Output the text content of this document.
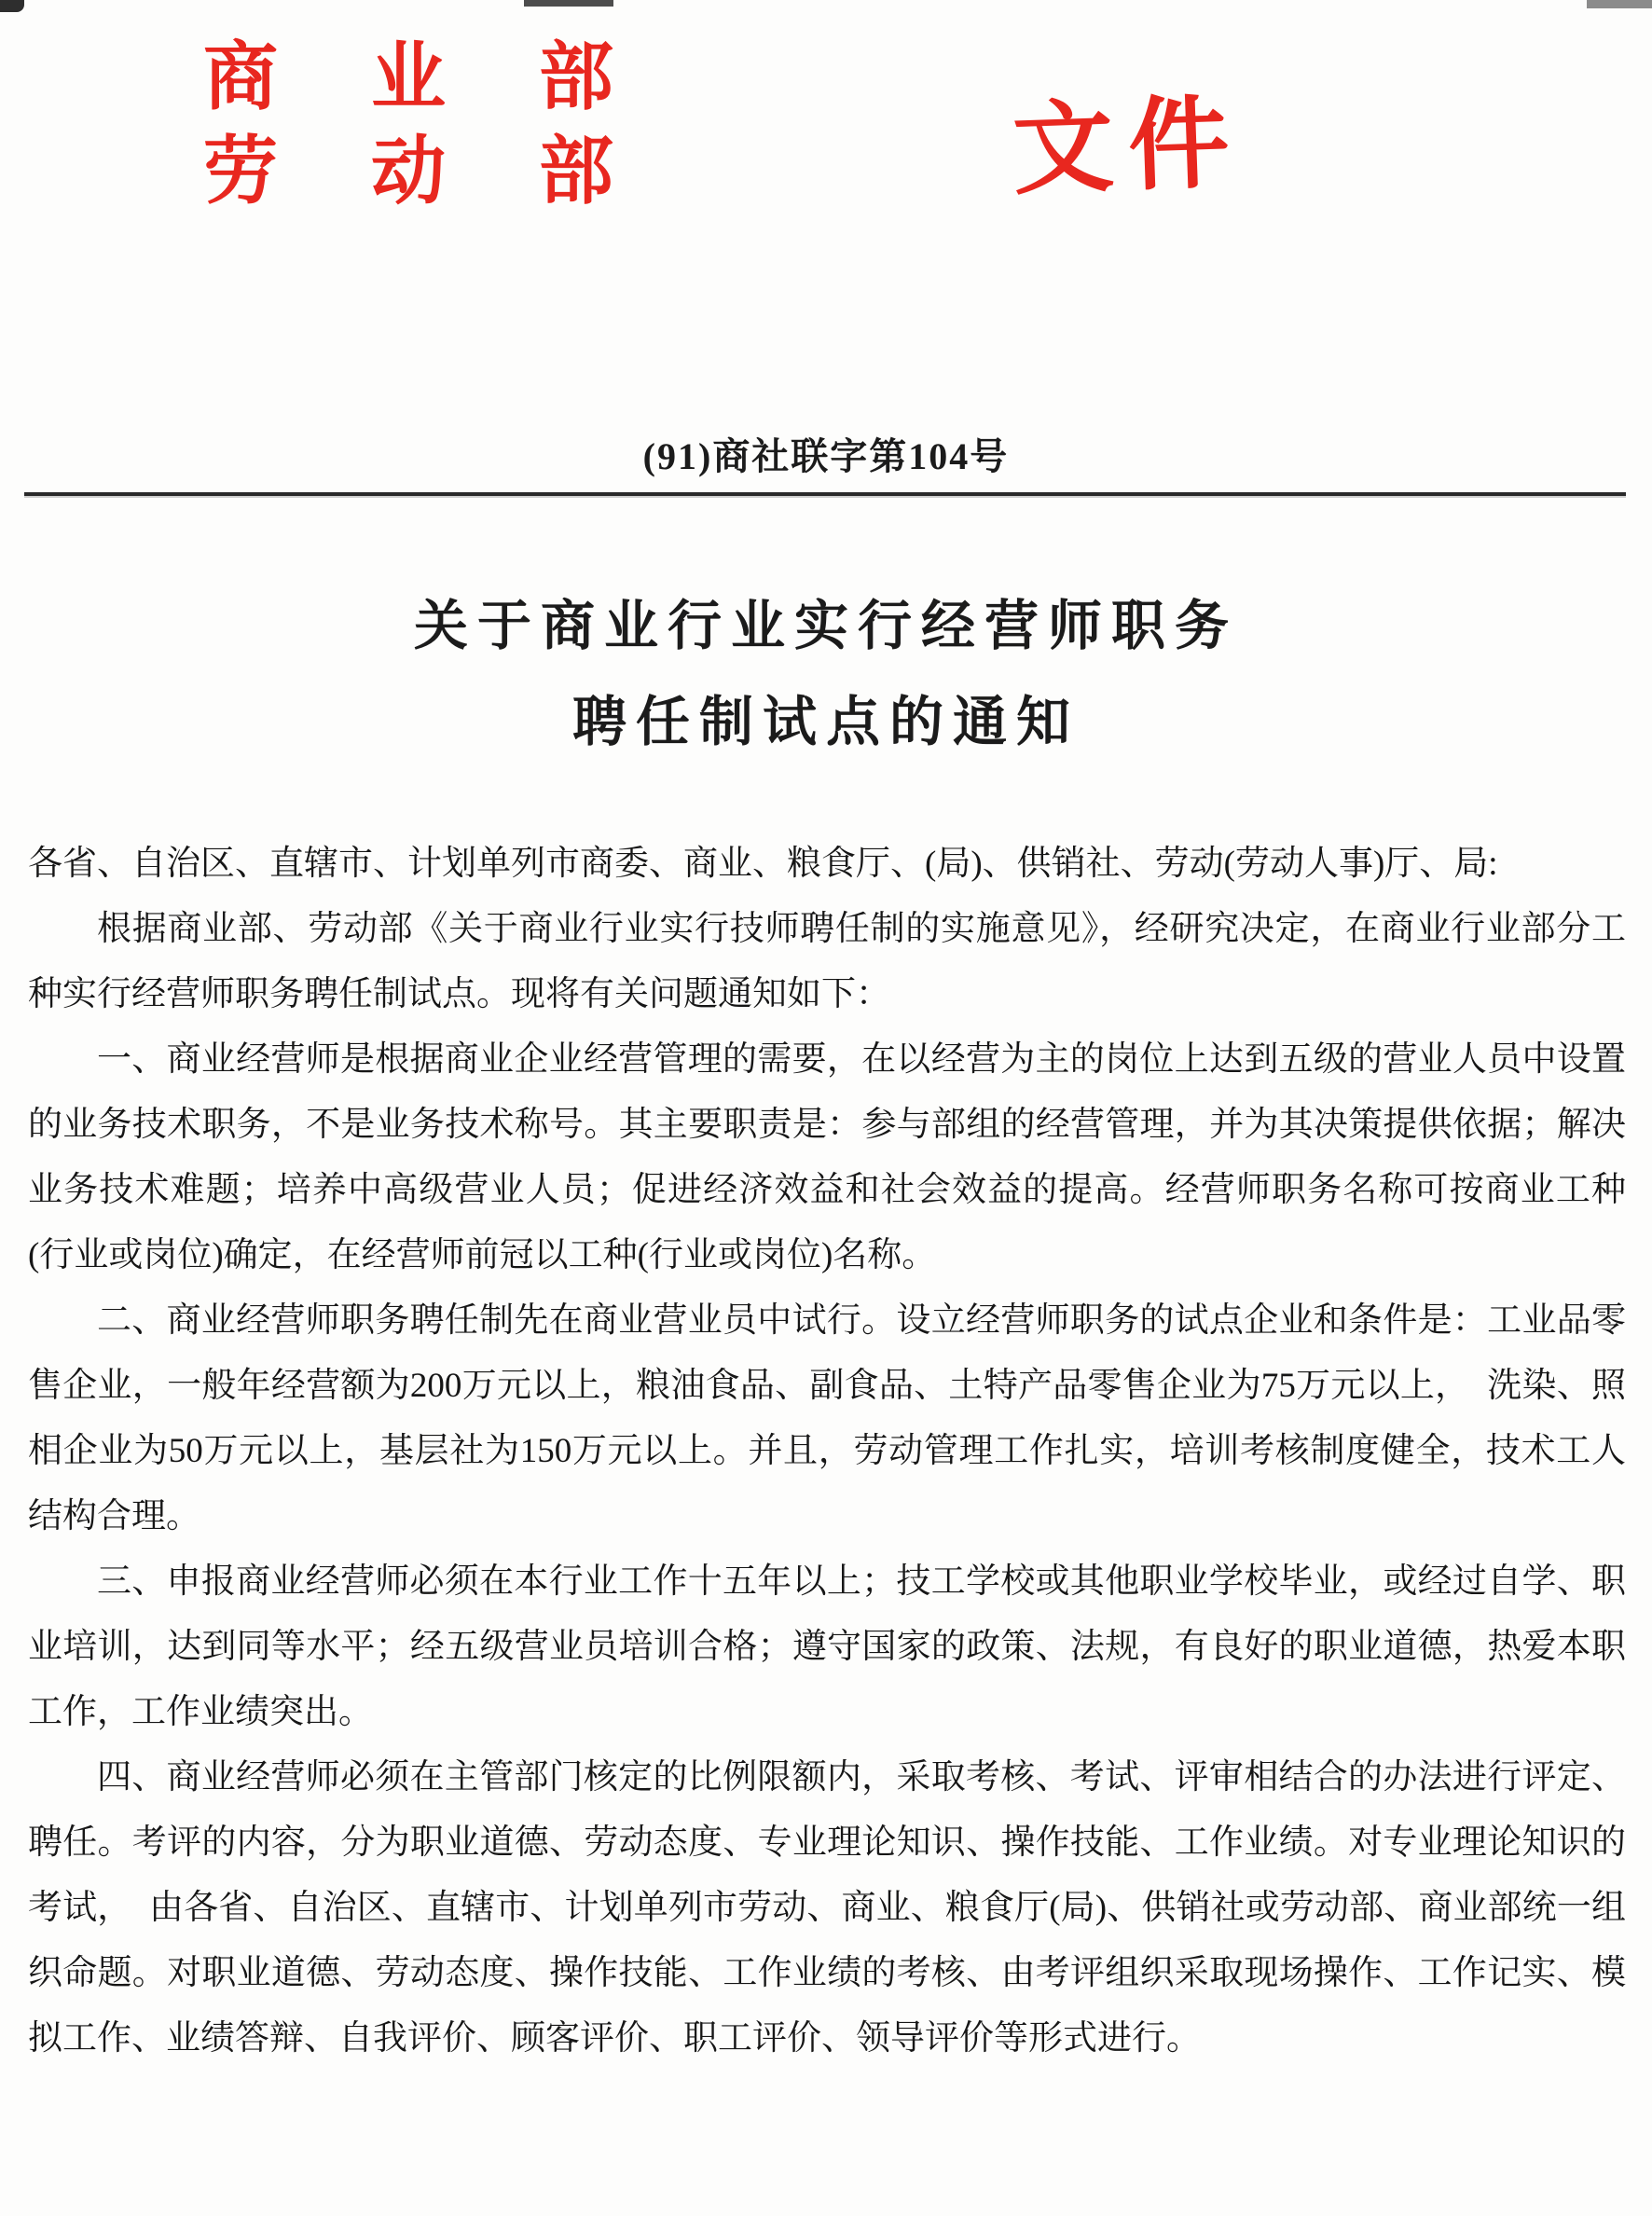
商业部
劳动部	文件
(91)商社联字第104号
关于商业行业实行经营师职务
聘任制试点的通知

各省、自治区、直辖市、计划单列市商委、商业、粮食厅、(局)、供销社、劳动(劳动人事)厅、局:

根据商业部、劳动部《关于商业行业实行技师聘任制的实施意见》，经研究决定，在商业行业部分工种实行经营师职务聘任制试点。现将有关问题通知如下：

一、商业经营师是根据商业企业经营管理的需要，在以经营为主的岗位上达到五级的营业人员中设置的业务技术职务，不是业务技术称号。其主要职责是：参与部组的经营管理，并为其决策提供依据；解决业务技术难题；培养中高级营业人员；促进经济效益和社会效益的提高。经营师职务名称可按商业工种(行业或岗位)确定，在经营师前冠以工种(行业或岗位)名称。

二、商业经营师职务聘任制先在商业营业员中试行。设立经营师职务的试点企业和条件是：工业品零售企业，一般年经营额为200万元以上，粮油食品、副食品、土特产品零售企业为75万元以上，　洗染、照相企业为50万元以上，基层社为150万元以上。并且，劳动管理工作扎实，培训考核制度健全，技术工人结构合理。

三、申报商业经营师必须在本行业工作十五年以上；技工学校或其他职业学校毕业，或经过自学、职业培训，达到同等水平；经五级营业员培训合格；遵守国家的政策、法规，有良好的职业道德，热爱本职工作，工作业绩突出。

四、商业经营师必须在主管部门核定的比例限额内，采取考核、考试、评审相结合的办法进行评定、聘任。考评的内容，分为职业道德、劳动态度、专业理论知识、操作技能、工作业绩。对专业理论知识的考试，　由各省、自治区、直辖市、计划单列市劳动、商业、粮食厅(局)、供销社或劳动部、商业部统一组织命题。对职业道德、劳动态度、操作技能、工作业绩的考核、由考评组织采取现场操作、工作记实、模拟工作、业绩答辩、自我评价、顾客评价、职工评价、领导评价等形式进行。
